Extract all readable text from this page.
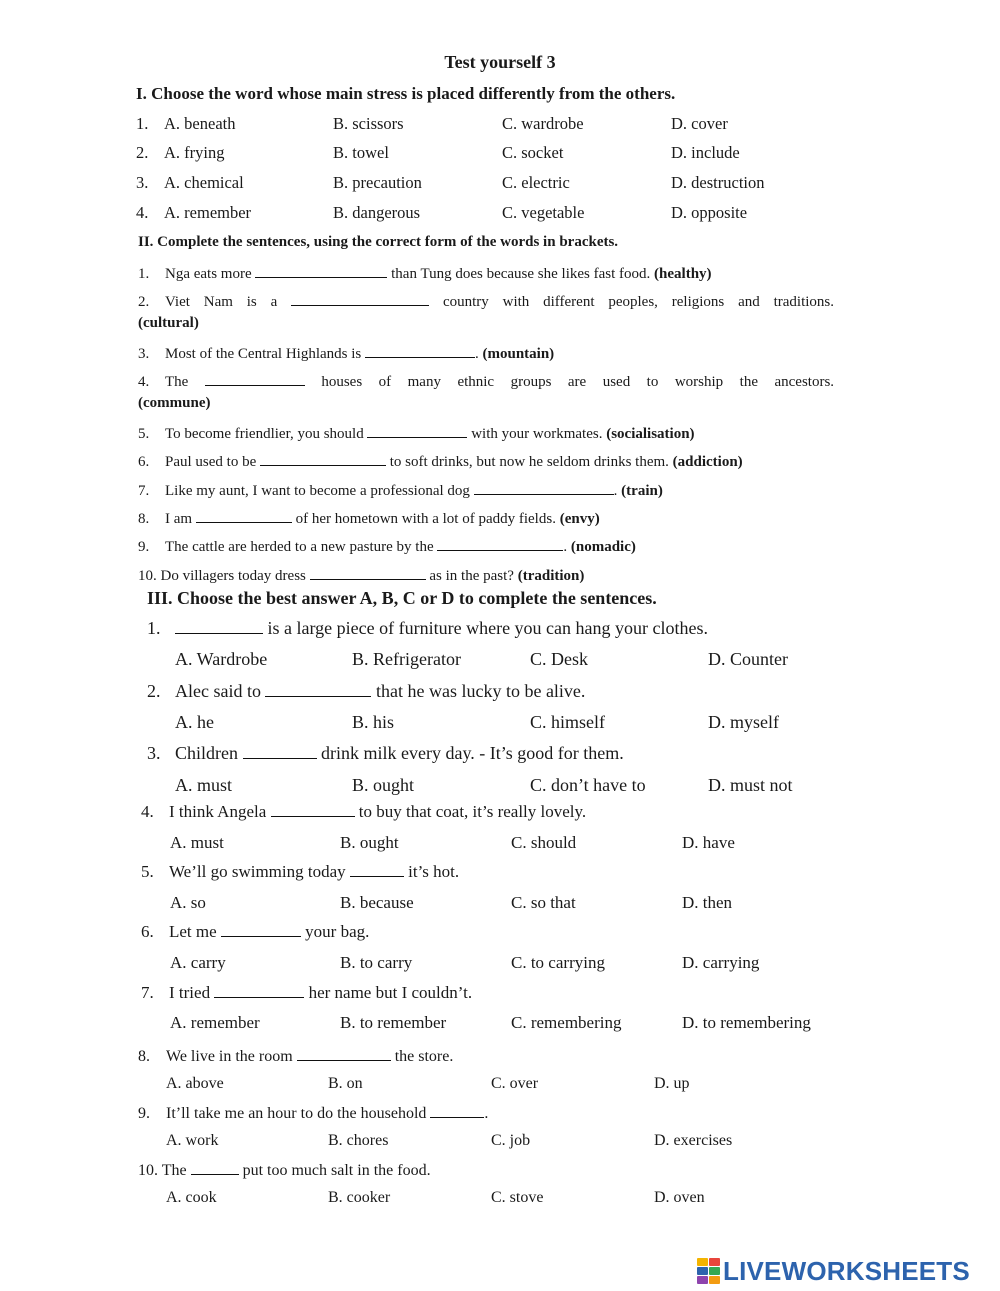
Test yourself 3
I. Choose the word whose main stress is placed differently from the others.
1. A. beneath	B. scissors	C. wardrobe	D. cover
2. A. frying	B. towel	C. socket	D. include
3. A. chemical	B. precaution	C. electric	D. destruction
4. A. remember	B. dangerous	C. vegetable	D. opposite
II. Complete the sentences, using the correct form of the words in brackets.
1. Nga eats more	than Tung does because she likes fast food. (healthy)
2. Viet Nam is a	country with different peoples, religions and traditions.
(cultural)
3. Most of the Central Highlands is	. (mountain)
4. The	houses of many ethnic groups are used to worship the ancestors.
(commune)
5. To become friendlier, you should	with your workmates. (socialisation)
6. Paul used to be	to soft drinks, but now he seldom drinks them. (addiction)
7. Like my aunt, I want to become a professional dog	. (train)
8. I am	of her hometown with a lot of paddy fields. (envy)
9. The cattle are herded to a new pasture by the	. (nomadic)
10. Do villagers today dress	as in the past? (tradition)
III. Choose the best answer A, B, C or D to complete the sentences.
1.	is a large piece of furniture where you can hang your clothes.
A. Wardrobe	B. Refrigerator	C. Desk	D. Counter
2. Alec said to	that he was lucky to be alive.
A. he	B. his	C. himself	D. myself
3. Children	drink milk every day. - It’s good for them.
A. must	B. ought	C. don’t have to	D. must not
4. I think Angela	to buy that coat, it’s really lovely.
A. must	B. ought	C. should	D. have
5. We’ll go swimming today	it’s hot.
A. so	B. because	C. so that	D. then
6. Let me	your bag.
A. carry	B. to carry	C. to carrying	D. carrying
7. I tried	her name but I couldn’t.
A. remember	B. to remember	C. remembering	D. to remembering
8. We live in the room	the store.
A. above	B. on	C. over	D. up
9. It’ll take me an hour to do the household	.
A. work	B. chores	C. job	D. exercises
10. The	put too much salt in the food.
A. cook	B. cooker	C. stove	D. oven
LIVEWORKSHEETS
